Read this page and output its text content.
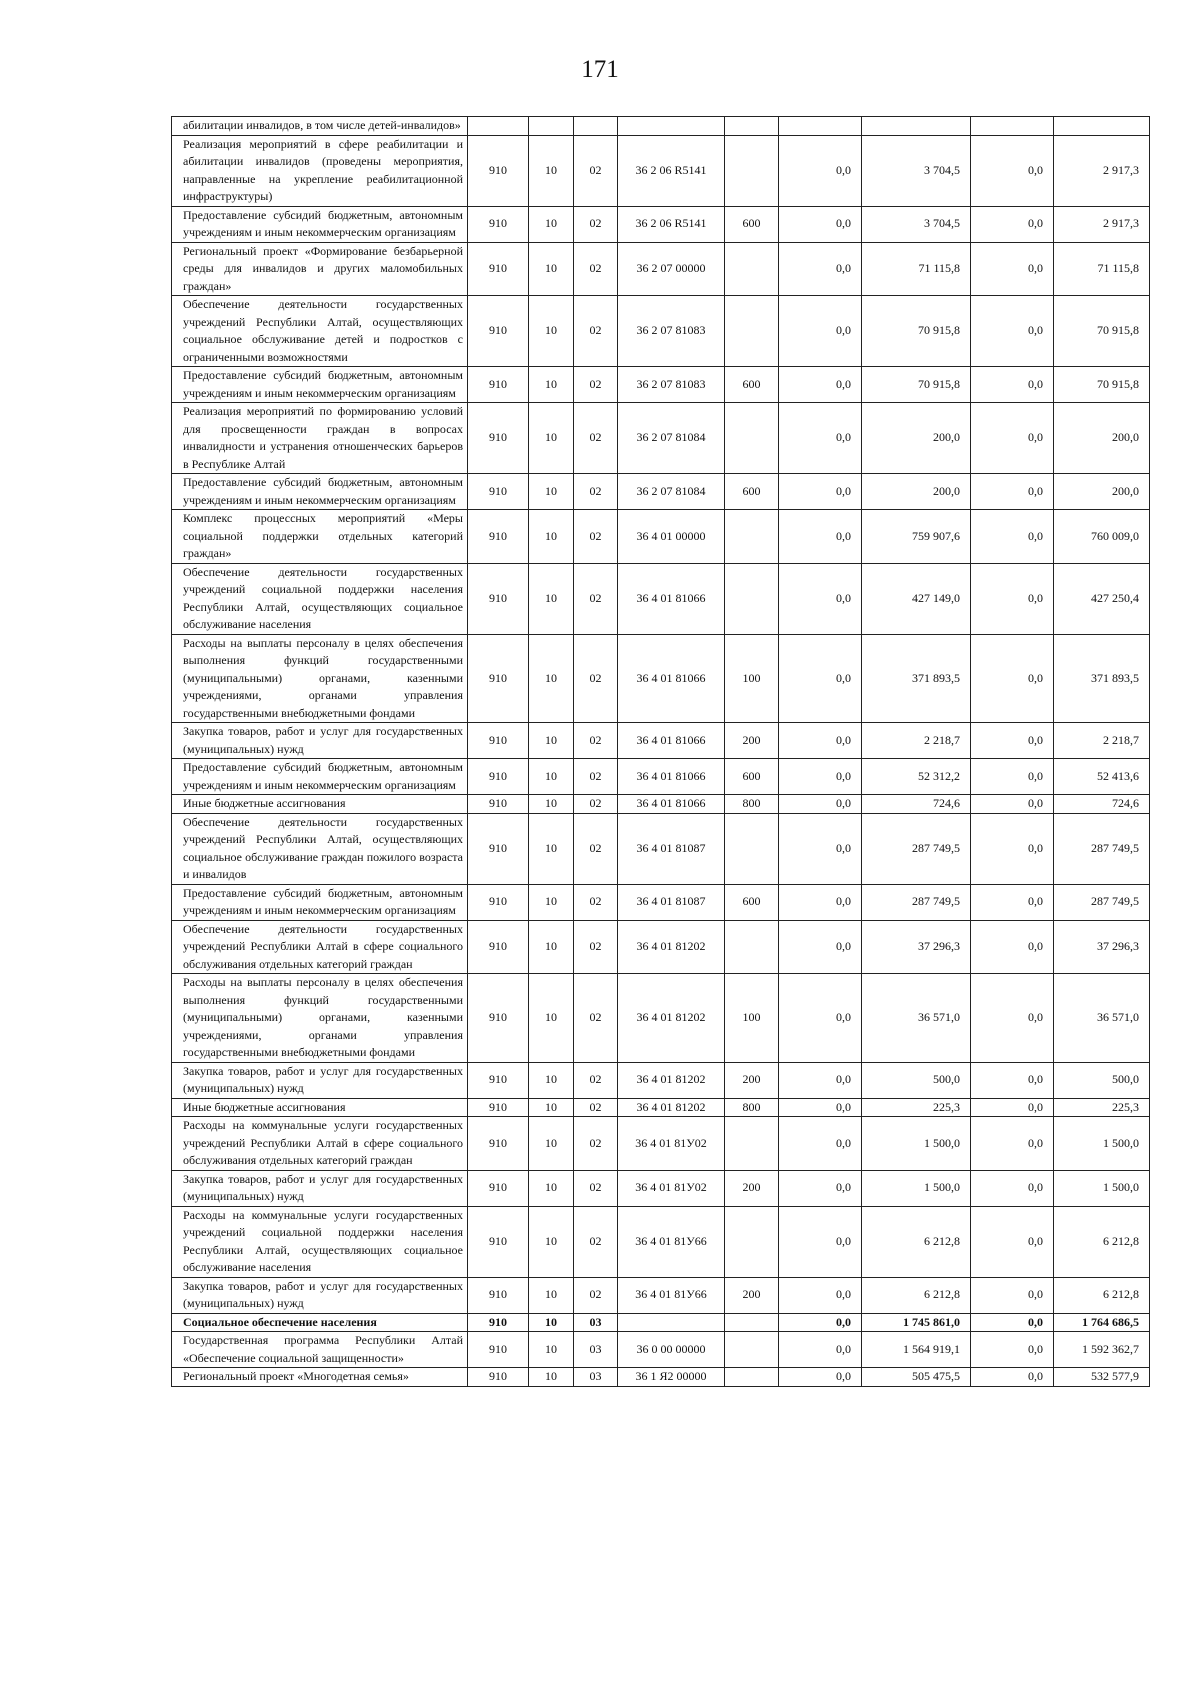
171
абилитации инвалидов, в том числе детей-инвалидов»									
Реализация мероприятий в сфере реабилитации и абилитации инвалидов (проведены мероприятия, направленные на укрепление реабилитационной инфраструктуры)	910	10	02	36 2 06 R5141		0,0	3 704,5	0,0	2 917,3
Предоставление субсидий бюджетным, автономным учреждениям и иным некоммерческим организациям	910	10	02	36 2 06 R5141	600	0,0	3 704,5	0,0	2 917,3
Региональный проект «Формирование безбарьерной среды для инвалидов и других маломобильных граждан»	910	10	02	36 2 07 00000		0,0	71 115,8	0,0	71 115,8
Обеспечение деятельности государственных учреждений Республики Алтай, осуществляющих социальное обслуживание детей и подростков с ограниченными возможностями	910	10	02	36 2 07 81083		0,0	70 915,8	0,0	70 915,8
Предоставление субсидий бюджетным, автономным учреждениям и иным некоммерческим организациям	910	10	02	36 2 07 81083	600	0,0	70 915,8	0,0	70 915,8
Реализация мероприятий по формированию условий для просвещенности граждан в вопросах инвалидности и устранения отношенческих барьеров в Республике Алтай	910	10	02	36 2 07 81084		0,0	200,0	0,0	200,0
Предоставление субсидий бюджетным, автономным учреждениям и иным некоммерческим организациям	910	10	02	36 2 07 81084	600	0,0	200,0	0,0	200,0
Комплекс процессных мероприятий «Меры социальной поддержки отдельных категорий граждан»	910	10	02	36 4 01 00000		0,0	759 907,6	0,0	760 009,0
Обеспечение деятельности государственных учреждений социальной поддержки населения Республики Алтай, осуществляющих социальное обслуживание населения	910	10	02	36 4 01 81066		0,0	427 149,0	0,0	427 250,4
Расходы на выплаты персоналу в целях обеспечения выполнения функций государственными (муниципальными) органами, казенными учреждениями, органами управления государственными внебюджетными фондами	910	10	02	36 4 01 81066	100	0,0	371 893,5	0,0	371 893,5
Закупка товаров, работ и услуг для государственных (муниципальных) нужд	910	10	02	36 4 01 81066	200	0,0	2 218,7	0,0	2 218,7
Предоставление субсидий бюджетным, автономным учреждениям и иным некоммерческим организациям	910	10	02	36 4 01 81066	600	0,0	52 312,2	0,0	52 413,6
Иные бюджетные ассигнования	910	10	02	36 4 01 81066	800	0,0	724,6	0,0	724,6
Обеспечение деятельности государственных учреждений Республики Алтай, осуществляющих социальное обслуживание граждан пожилого возраста и инвалидов	910	10	02	36 4 01 81087		0,0	287 749,5	0,0	287 749,5
Предоставление субсидий бюджетным, автономным учреждениям и иным некоммерческим организациям	910	10	02	36 4 01 81087	600	0,0	287 749,5	0,0	287 749,5
Обеспечение деятельности государственных учреждений Республики Алтай в сфере социального обслуживания отдельных категорий граждан	910	10	02	36 4 01 81202		0,0	37 296,3	0,0	37 296,3
Расходы на выплаты персоналу в целях обеспечения выполнения функций государственными (муниципальными) органами, казенными учреждениями, органами управления государственными внебюджетными фондами	910	10	02	36 4 01 81202	100	0,0	36 571,0	0,0	36 571,0
Закупка товаров, работ и услуг для государственных (муниципальных) нужд	910	10	02	36 4 01 81202	200	0,0	500,0	0,0	500,0
Иные бюджетные ассигнования	910	10	02	36 4 01 81202	800	0,0	225,3	0,0	225,3
Расходы на коммунальные услуги государственных учреждений Республики Алтай в сфере социального обслуживания отдельных категорий граждан	910	10	02	36 4 01 81У02		0,0	1 500,0	0,0	1 500,0
Закупка товаров, работ и услуг для государственных (муниципальных) нужд	910	10	02	36 4 01 81У02	200	0,0	1 500,0	0,0	1 500,0
Расходы на коммунальные услуги государственных учреждений социальной поддержки населения Республики Алтай, осуществляющих социальное обслуживание населения	910	10	02	36 4 01 81У66		0,0	6 212,8	0,0	6 212,8
Закупка товаров, работ и услуг для государственных (муниципальных) нужд	910	10	02	36 4 01 81У66	200	0,0	6 212,8	0,0	6 212,8
Социальное обеспечение населения	910	10	03			0,0	1 745 861,0	0,0	1 764 686,5
Государственная программа Республики Алтай «Обеспечение социальной защищенности»	910	10	03	36 0 00 00000		0,0	1 564 919,1	0,0	1 592 362,7
Региональный проект «Многодетная семья»	910	10	03	36 1 Я2 00000		0,0	505 475,5	0,0	532 577,9
